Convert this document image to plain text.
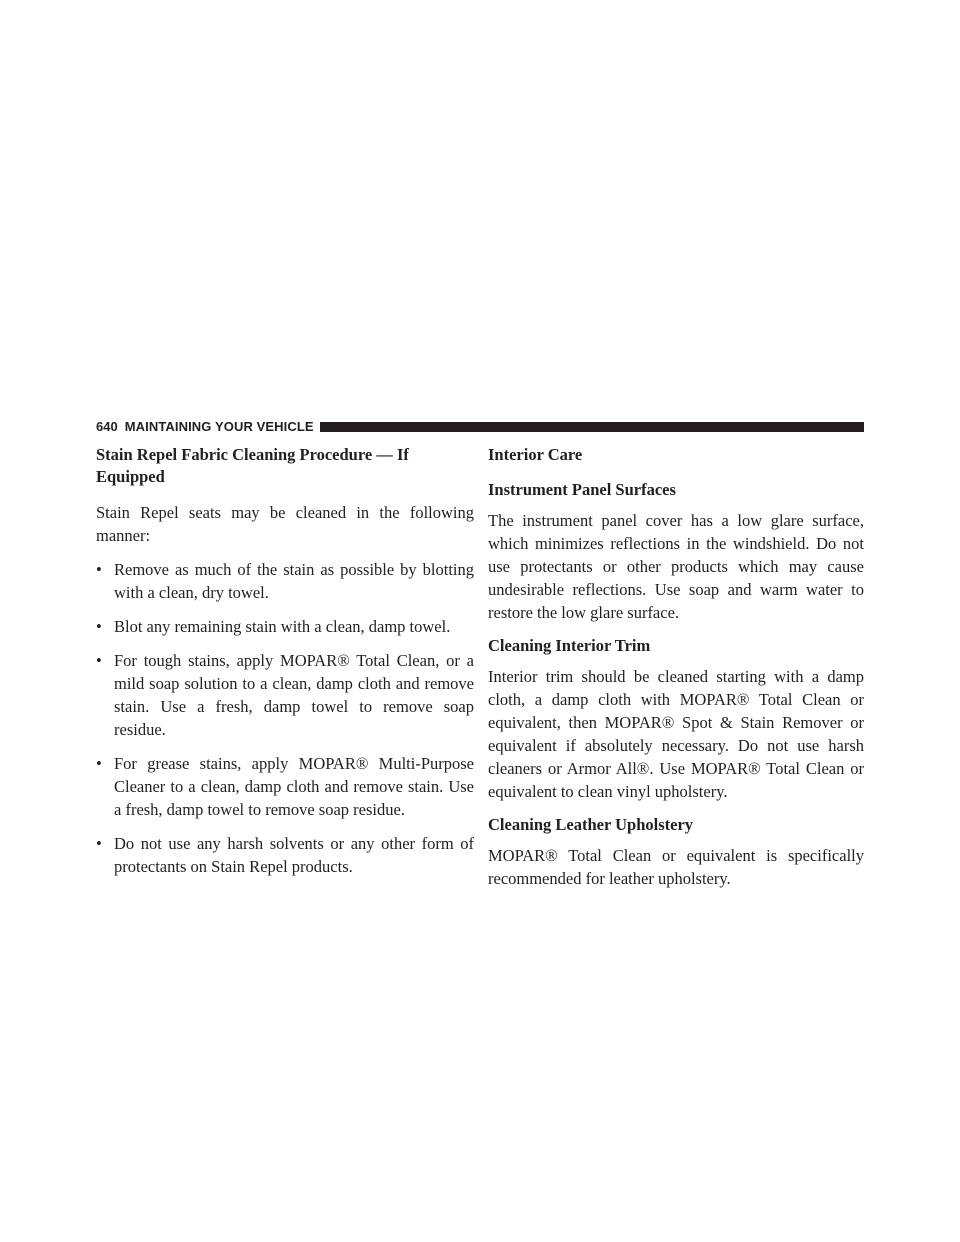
640 MAINTAINING YOUR VEHICLE
Stain Repel Fabric Cleaning Procedure — If Equipped

Stain Repel seats may be cleaned in the following manner:

• Remove as much of the stain as possible by blotting with a clean, dry towel.
• Blot any remaining stain with a clean, damp towel.
• For tough stains, apply MOPAR® Total Clean, or a mild soap solution to a clean, damp cloth and remove stain. Use a fresh, damp towel to remove soap residue.
• For grease stains, apply MOPAR® Multi-Purpose Cleaner to a clean, damp cloth and remove stain. Use a fresh, damp towel to remove soap residue.
• Do not use any harsh solvents or any other form of protectants on Stain Repel products.
Interior Care
Instrument Panel Surfaces

The instrument panel cover has a low glare surface, which minimizes reflections in the windshield. Do not use protectants or other products which may cause undesirable reflections. Use soap and warm water to restore the low glare surface.

Cleaning Interior Trim

Interior trim should be cleaned starting with a damp cloth, a damp cloth with MOPAR® Total Clean or equivalent, then MOPAR® Spot & Stain Remover or equivalent if absolutely necessary. Do not use harsh cleaners or Armor All®. Use MOPAR® Total Clean or equivalent to clean vinyl upholstery.

Cleaning Leather Upholstery

MOPAR® Total Clean or equivalent is specifically recommended for leather upholstery.
